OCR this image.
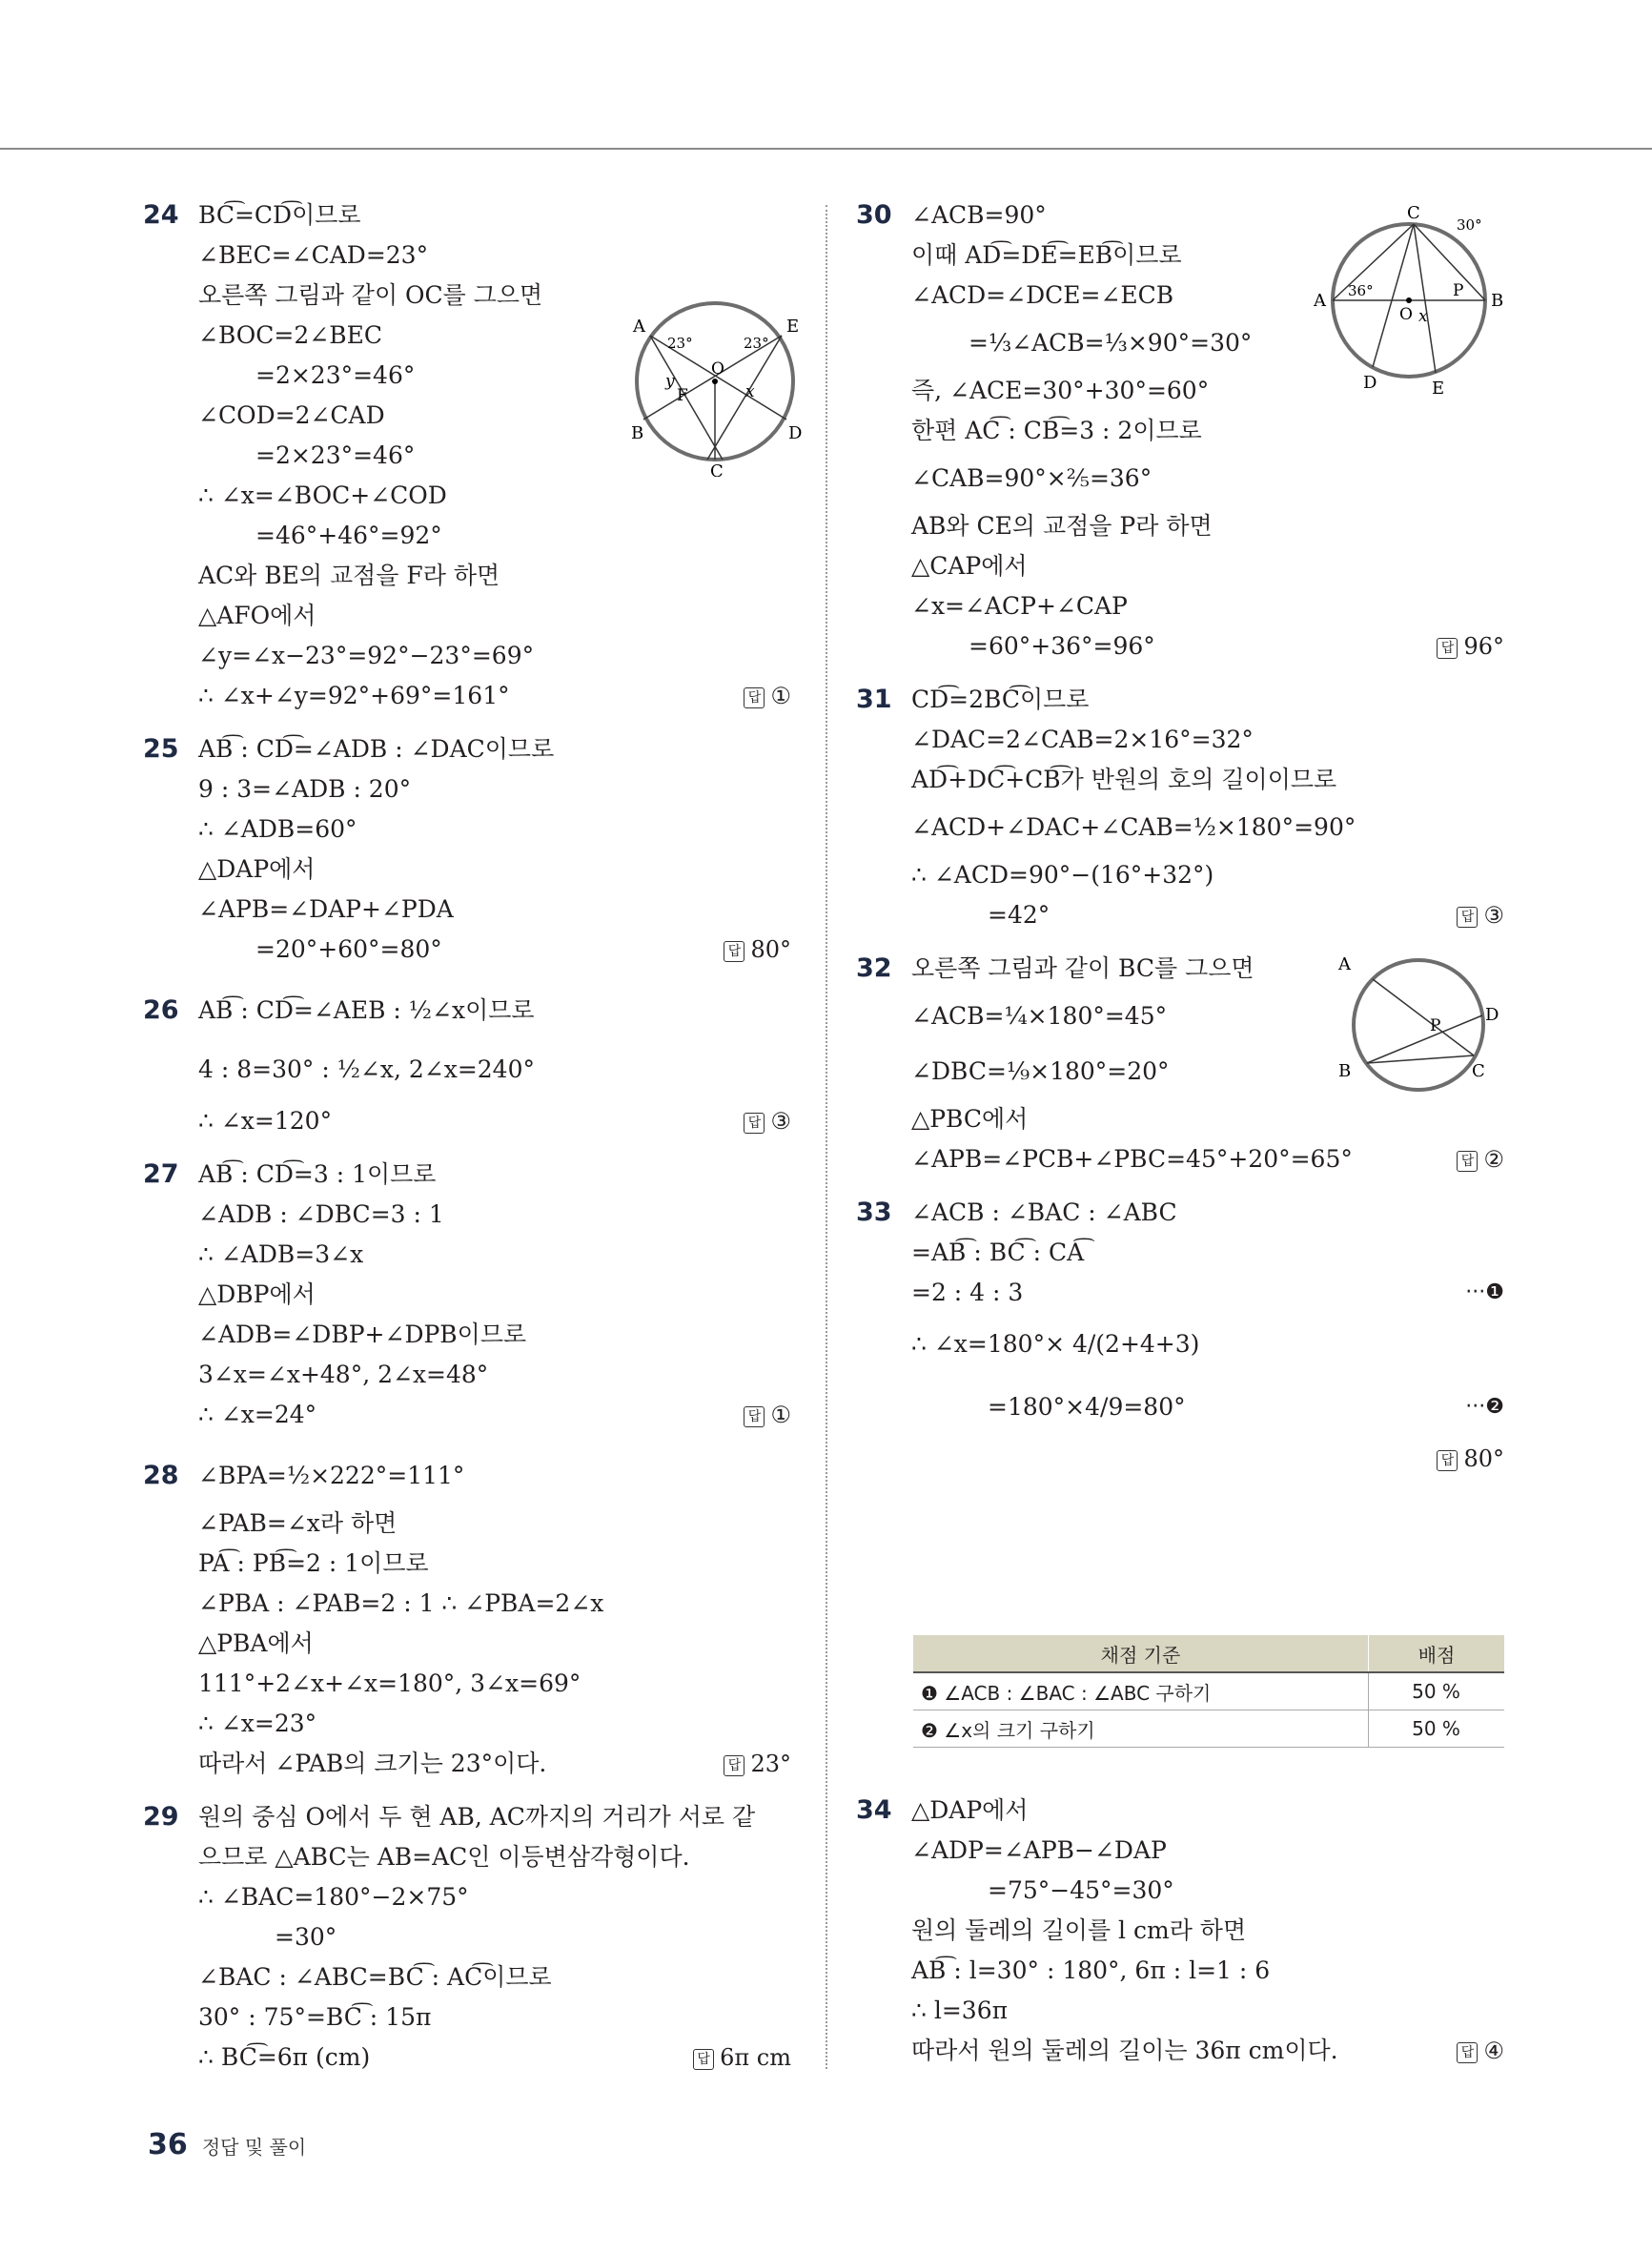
24 BC͡=CD͡이므로
∠BEC=∠CAD=23°
오른쪽 그림과 같이 OC를 그으면
∠BOC=2∠BEC
=2×23°=46°
∠COD=2∠CAD
=2×23°=46°
∴ ∠x=∠BOC+∠COD
=46°+46°=92°
AC와 BE의 교점을 F라 하면
△AFO에서
∠y=∠x−23°=92°−23°=69°
∴ ∠x+∠y=92°+69°=161°	답 ①
A	E
B	D
C
O
F
y
x
23°	23°
25 AB͡ : CD͡=∠ADB : ∠DAC이므로
9 : 3=∠ADB : 20°
∴ ∠ADB=60°
△DAP에서
∠APB=∠DAP+∠PDA
=20°+60°=80°	답 80°
26 AB͡ : CD͡=∠AEB : ½∠x이므로
4 : 8=30° : ½∠x, 2∠x=240°
∴ ∠x=120°	답 ③
27 AB͡ : CD͡=3 : 1이므로
∠ADB : ∠DBC=3 : 1
∴ ∠ADB=3∠x
△DBP에서
∠ADB=∠DBP+∠DPB이므로
3∠x=∠x+48°, 2∠x=48°
∴ ∠x=24°	답 ①
28 ∠BPA=½×222°=111°
∠PAB=∠x라 하면
PA͡ : PB͡=2 : 1이므로
∠PBA : ∠PAB=2 : 1 ∴ ∠PBA=2∠x
△PBA에서
111°+2∠x+∠x=180°, 3∠x=69°
∴ ∠x=23°
따라서 ∠PAB의 크기는 23°이다.	답 23°
29 원의 중심 O에서 두 현 AB, AC까지의 거리가 서로 같
으므로 △ABC는 AB=AC인 이등변삼각형이다.
∴ ∠BAC=180°−2×75°
=30°
∠BAC : ∠ABC=BC͡ : AC͡이므로
30° : 75°=BC͡ : 15π
∴ BC͡=6π (cm)	답 6π cm
30 ∠ACB=90°
이때 AD͡=DE͡=EB͡이므로
∠ACD=∠DCE=∠ECB
=⅓∠ACB=⅓×90°=30°
즉, ∠ACE=30°+30°=60°
한편 AC͡ : CB͡=3 : 2이므로
∠CAB=90°×⅖=36°
AB와 CE의 교점을 P라 하면
△CAP에서
∠x=∠ACP+∠CAP
=60°+36°=96°	답 96°
A	B
C
D	E
O
P
x
36°
30°
31 CD͡=2BC͡이므로
∠DAC=2∠CAB=2×16°=32°
AD͡+DC͡+CB͡가 반원의 호의 길이이므로
∠ACD+∠DAC+∠CAB=½×180°=90°
∴ ∠ACD=90°−(16°+32°)
=42°	답 ③
32 오른쪽 그림과 같이 BC를 그으면
∠ACB=¼×180°=45°
∠DBC=⅑×180°=20°
△PBC에서
∠APB=∠PCB+∠PBC=45°+20°=65°	답 ②
A
D
B	C
P
33 ∠ACB : ∠BAC : ∠ABC
=AB͡ : BC͡ : CA͡
=2 : 4 : 3	···❶
∴ ∠x=180°× 4/(2+4+3)
=180°×4/9=80°	···❷
답 80°
채점 기준	배점
❶ ∠ACB : ∠BAC : ∠ABC 구하기	50 %
❷ ∠x의 크기 구하기	50 %
34 △DAP에서
∠ADP=∠APB−∠DAP
=75°−45°=30°
원의 둘레의 길이를 l cm라 하면
AB͡ : l=30° : 180°, 6π : l=1 : 6
∴ l=36π
따라서 원의 둘레의 길이는 36π cm이다.	답 ④
36 정답 및 풀이
